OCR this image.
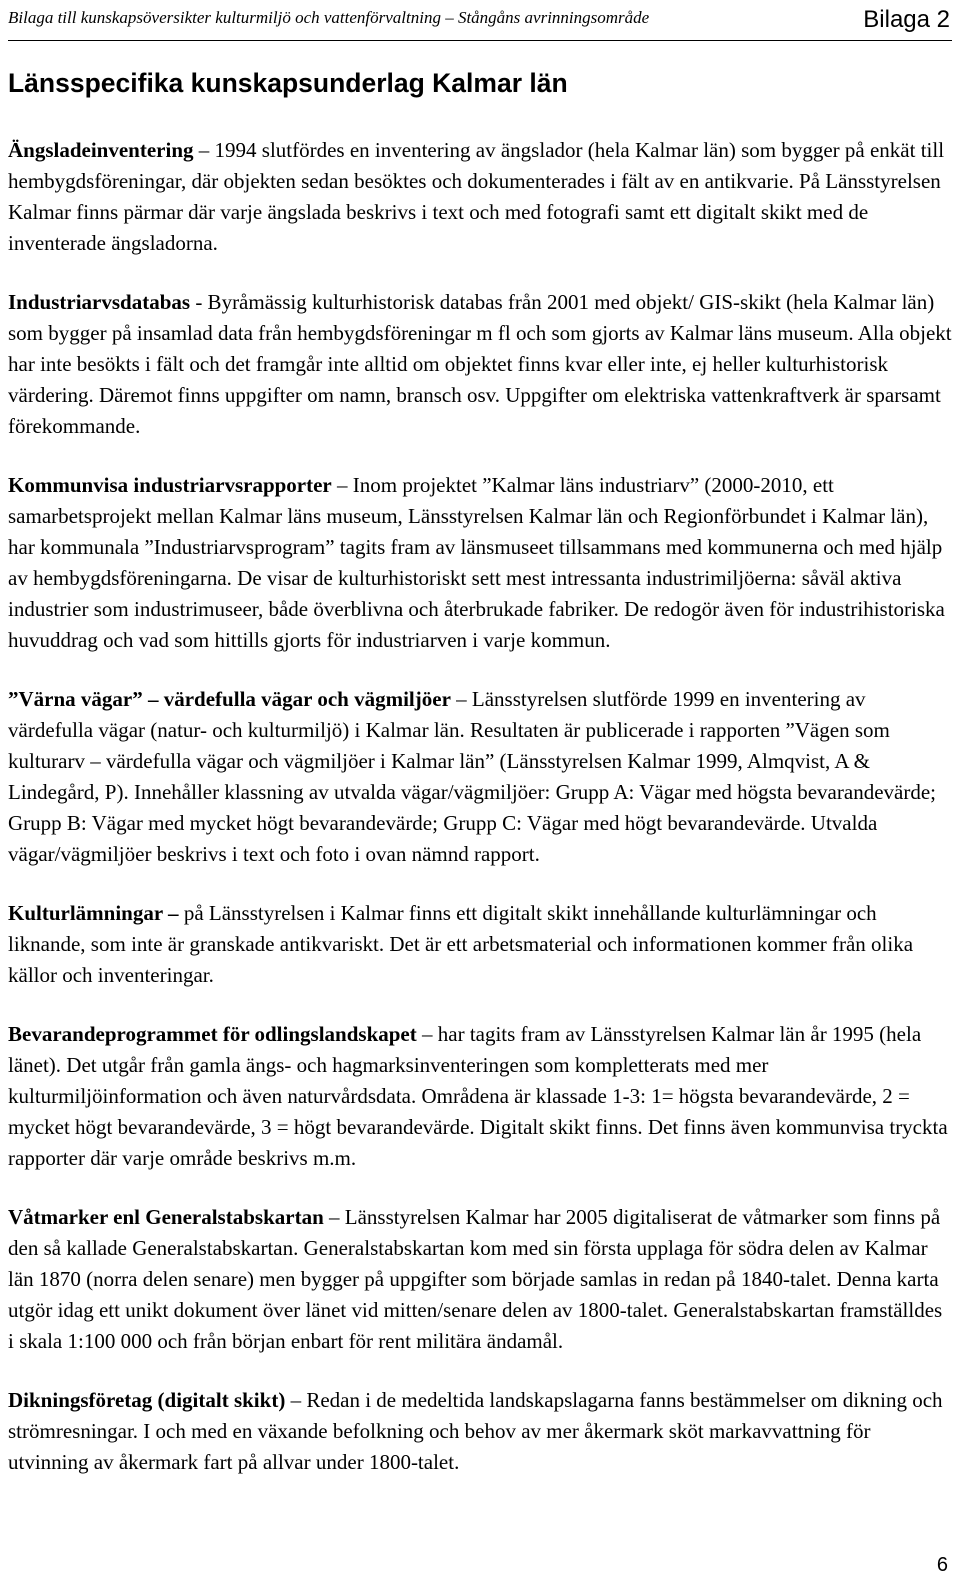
Bilaga till kunskapsöversikter kulturmiljö och vattenförvaltning – Stångåns avrinningsområde	Bilaga 2
Länsspecifika kunskapsunderlag Kalmar län

Ängsladeinventering – 1994 slutfördes en inventering av ängslador (hela Kalmar län) som bygger på enkät till hembygdsföreningar, där objekten sedan besöktes och dokumenterades i fält av en antikvarie. På Länsstyrelsen Kalmar finns pärmar där varje ängslada beskrivs i text och med fotografi samt ett digitalt skikt med de inventerade ängsladorna.

Industriarvsdatabas - Byråmässig kulturhistorisk databas från 2001 med objekt/ GIS-skikt (hela Kalmar län) som bygger på insamlad data från hembygdsföreningar m fl och som gjorts av Kalmar läns museum. Alla objekt har inte besökts i fält och det framgår inte alltid om objektet finns kvar eller inte, ej heller kulturhistorisk värdering. Däremot finns uppgifter om namn, bransch osv. Uppgifter om elektriska vattenkraftverk är sparsamt förekommande.

Kommunvisa industriarvsrapporter – Inom projektet ”Kalmar läns industriarv” (2000-2010, ett samarbetsprojekt mellan Kalmar läns museum, Länsstyrelsen Kalmar län och Regionförbundet i Kalmar län), har kommunala ”Industriarvsprogram” tagits fram av länsmuseet tillsammans med kommunerna och med hjälp av hembygdsföreningarna. De visar de kulturhistoriskt sett mest intressanta industrimiljöerna: såväl aktiva industrier som industrimuseer, både överblivna och återbrukade fabriker. De redogör även för industrihistoriska huvuddrag och vad som hittills gjorts för industriarven i varje kommun.

”Värna vägar” – värdefulla vägar och vägmiljöer – Länsstyrelsen slutförde 1999 en inventering av värdefulla vägar (natur- och kulturmiljö) i Kalmar län. Resultaten är publicerade i rapporten ”Vägen som kulturarv – värdefulla vägar och vägmiljöer i Kalmar län” (Länsstyrelsen Kalmar 1999, Almqvist, A & Lindegård, P). Innehåller klassning av utvalda vägar/vägmiljöer: Grupp A: Vägar med högsta bevarandevärde; Grupp B: Vägar med mycket högt bevarandevärde; Grupp C: Vägar med högt bevarandevärde. Utvalda vägar/vägmiljöer beskrivs i text och foto i ovan nämnd rapport.

Kulturlämningar – på Länsstyrelsen i Kalmar finns ett digitalt skikt innehållande kulturlämningar och liknande, som inte är granskade antikvariskt. Det är ett arbetsmaterial och informationen kommer från olika källor och inventeringar.

Bevarandeprogrammet för odlingslandskapet – har tagits fram av Länsstyrelsen Kalmar län år 1995 (hela länet). Det utgår från gamla ängs- och hagmarksinventeringen som kompletterats med mer kulturmiljöinformation och även naturvårdsdata. Områdena är klassade 1-3: 1= högsta bevarandevärde, 2 = mycket högt bevarandevärde, 3 = högt bevarandevärde. Digitalt skikt finns. Det finns även kommunvisa tryckta rapporter där varje område beskrivs m.m.

Våtmarker enl Generalstabskartan – Länsstyrelsen Kalmar har 2005 digitaliserat de våtmarker som finns på den så kallade Generalstabskartan. Generalstabskartan kom med sin första upplaga för södra delen av Kalmar län 1870 (norra delen senare) men bygger på uppgifter som började samlas in redan på 1840-talet. Denna karta utgör idag ett unikt dokument över länet vid mitten/senare delen av 1800-talet. Generalstabskartan framställdes i skala 1:100 000 och från början enbart för rent militära ändamål.

Dikningsföretag (digitalt skikt) – Redan i de medeltida landskapslagarna fanns bestämmelser om dikning och strömresningar. I och med en växande befolkning och behov av mer åkermark sköt markavvattning för utvinning av åkermark fart på allvar under 1800-talet.

6
